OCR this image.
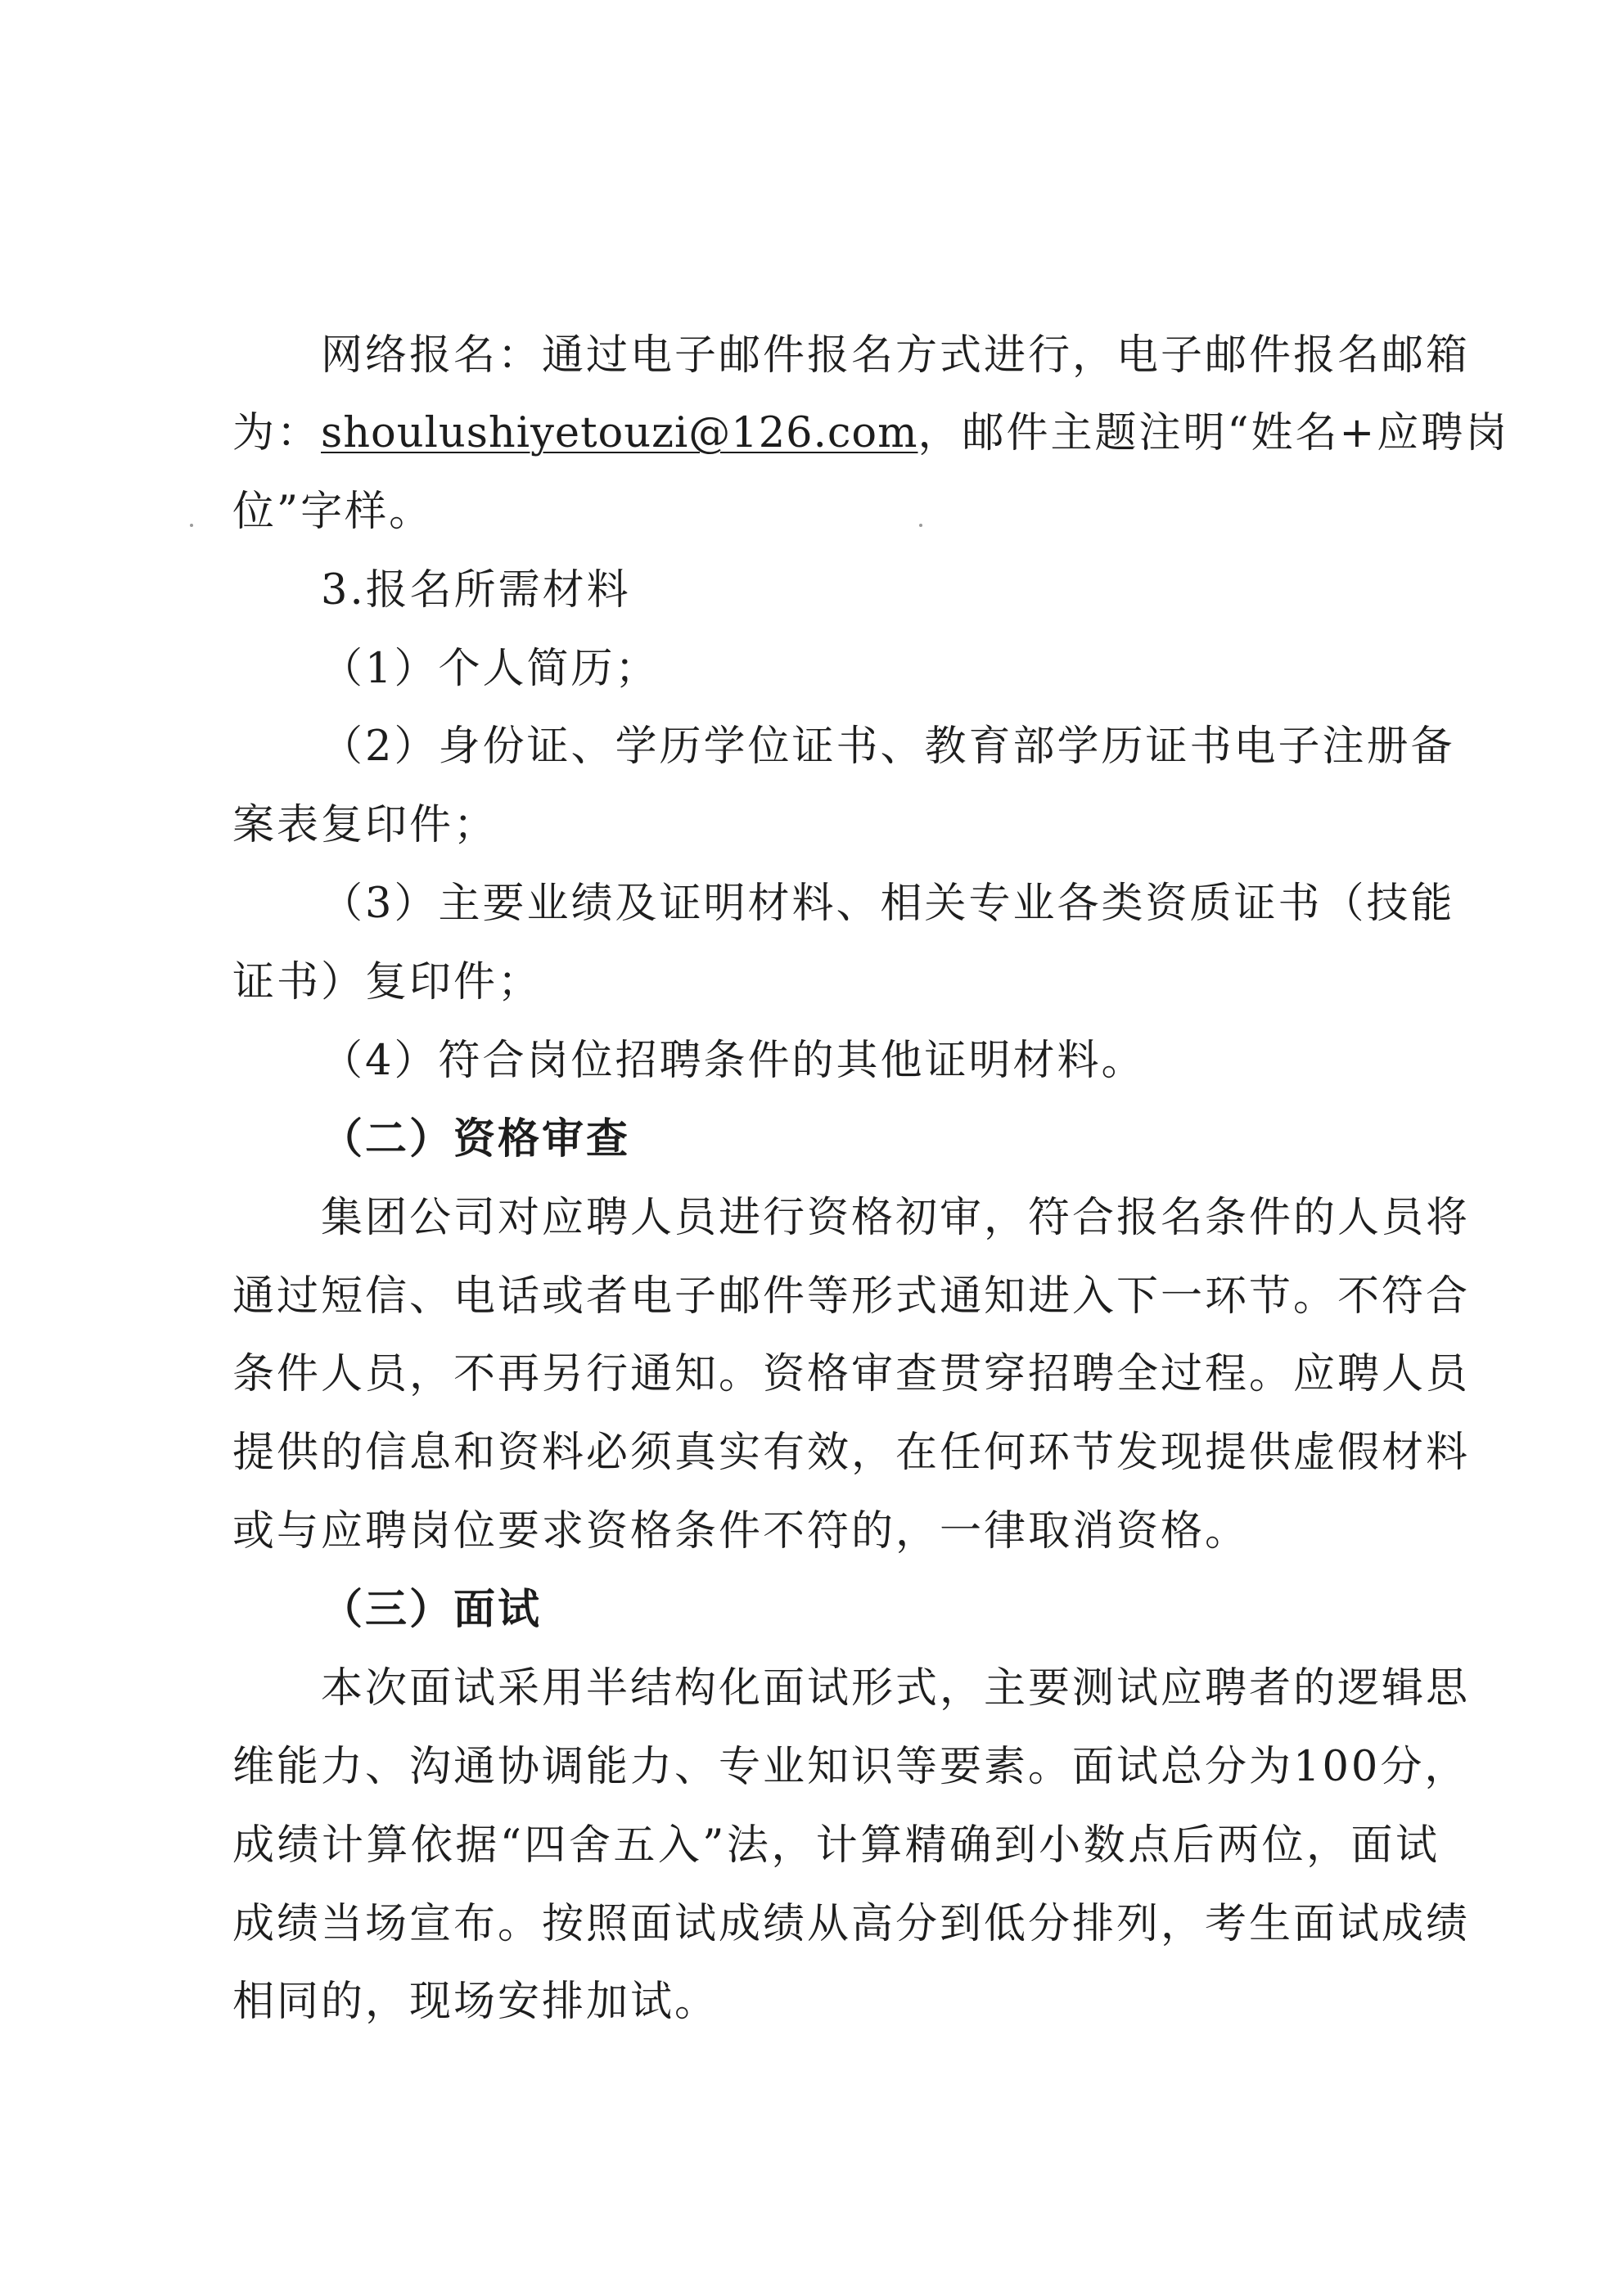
网络报名：通过电子邮件报名方式进行，电子邮件报名邮箱
为：shoulushiyetouzi@126.com，邮件主题注明“姓名+应聘岗
位”字样。
3.报名所需材料
（1）个人简历；
（2）身份证、学历学位证书、教育部学历证书电子注册备
案表复印件；
（3）主要业绩及证明材料、相关专业各类资质证书（技能
证书）复印件；
（4）符合岗位招聘条件的其他证明材料。
（二）资格审查
集团公司对应聘人员进行资格初审，符合报名条件的人员将
通过短信、电话或者电子邮件等形式通知进入下一环节。不符合
条件人员，不再另行通知。资格审查贯穿招聘全过程。应聘人员
提供的信息和资料必须真实有效，在任何环节发现提供虚假材料
或与应聘岗位要求资格条件不符的，一律取消资格。
（三）面试
本次面试采用半结构化面试形式，主要测试应聘者的逻辑思
维能力、沟通协调能力、专业知识等要素。面试总分为100分，
成绩计算依据“四舍五入”法，计算精确到小数点后两位，面试
成绩当场宣布。按照面试成绩从高分到低分排列，考生面试成绩
相同的，现场安排加试。
